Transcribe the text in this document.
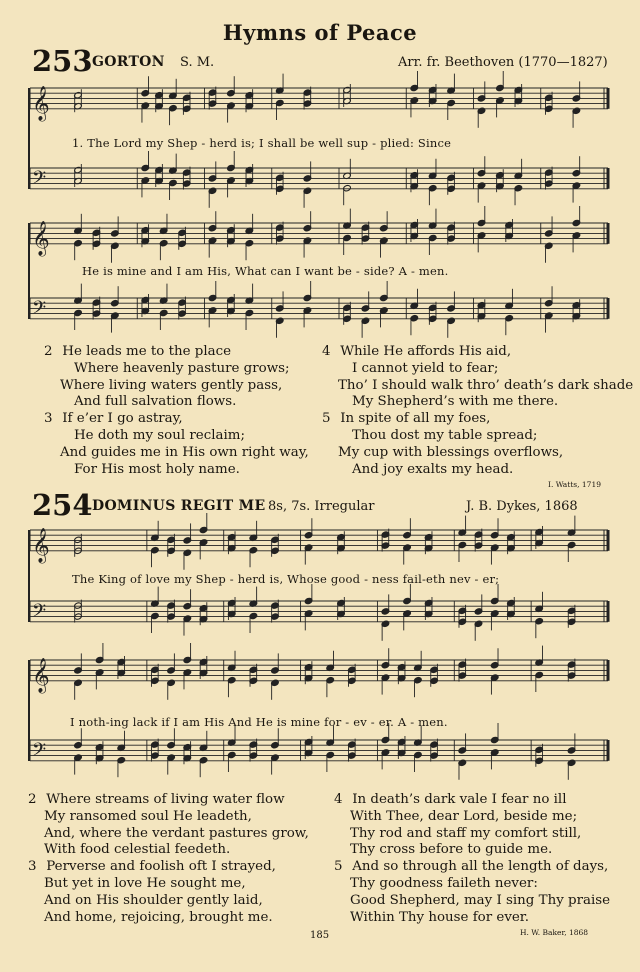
Hymns of Peace
253 GORTON S. M.	Arr. fr. Beethoven (1770—1827)
𝄞
𝄢
𝄞
𝄢
𝄞
𝄢
𝄞
𝄢
1. The Lord my Shep - herd is; I shall be well sup - plied: Since
He is mine and I am His, What can I want be - side? A - men.
2 He leads me to the place
Where heavenly pasture grows;
Where living waters gently pass,
And full salvation flows.
3 If e’er I go astray,
He doth my soul reclaim;
And guides me in His own right way,
For His most holy name.
4 While He affords His aid,
I cannot yield to fear;
Tho’ I should walk thro’ death’s dark shade
My Shepherd’s with me there.
5 In spite of all my foes,
Thou dost my table spread;
My cup with blessings overflows,
And joy exalts my head.
I. Watts, 1719
254 DOMINUS REGIT ME 8s, 7s. Irregular	J. B. Dykes, 1868
The King of love my Shep - herd is, Whose good - ness fail-eth nev - er;
I noth-ing lack if I am His And He is mine for - ev - er. A - men.
2 Where streams of living water flow
My ransomed soul He leadeth,
And, where the verdant pastures grow,
With food celestial feedeth.
3 Perverse and foolish oft I strayed,
But yet in love He sought me,
And on His shoulder gently laid,
And home, rejoicing, brought me.
4 In death’s dark vale I fear no ill
With Thee, dear Lord, beside me;
Thy rod and staff my comfort still,
Thy cross before to guide me.
5 And so through all the length of days,
Thy goodness faileth never:
Good Shepherd, may I sing Thy praise
Within Thy house for ever.
H. W. Baker, 1868
185
